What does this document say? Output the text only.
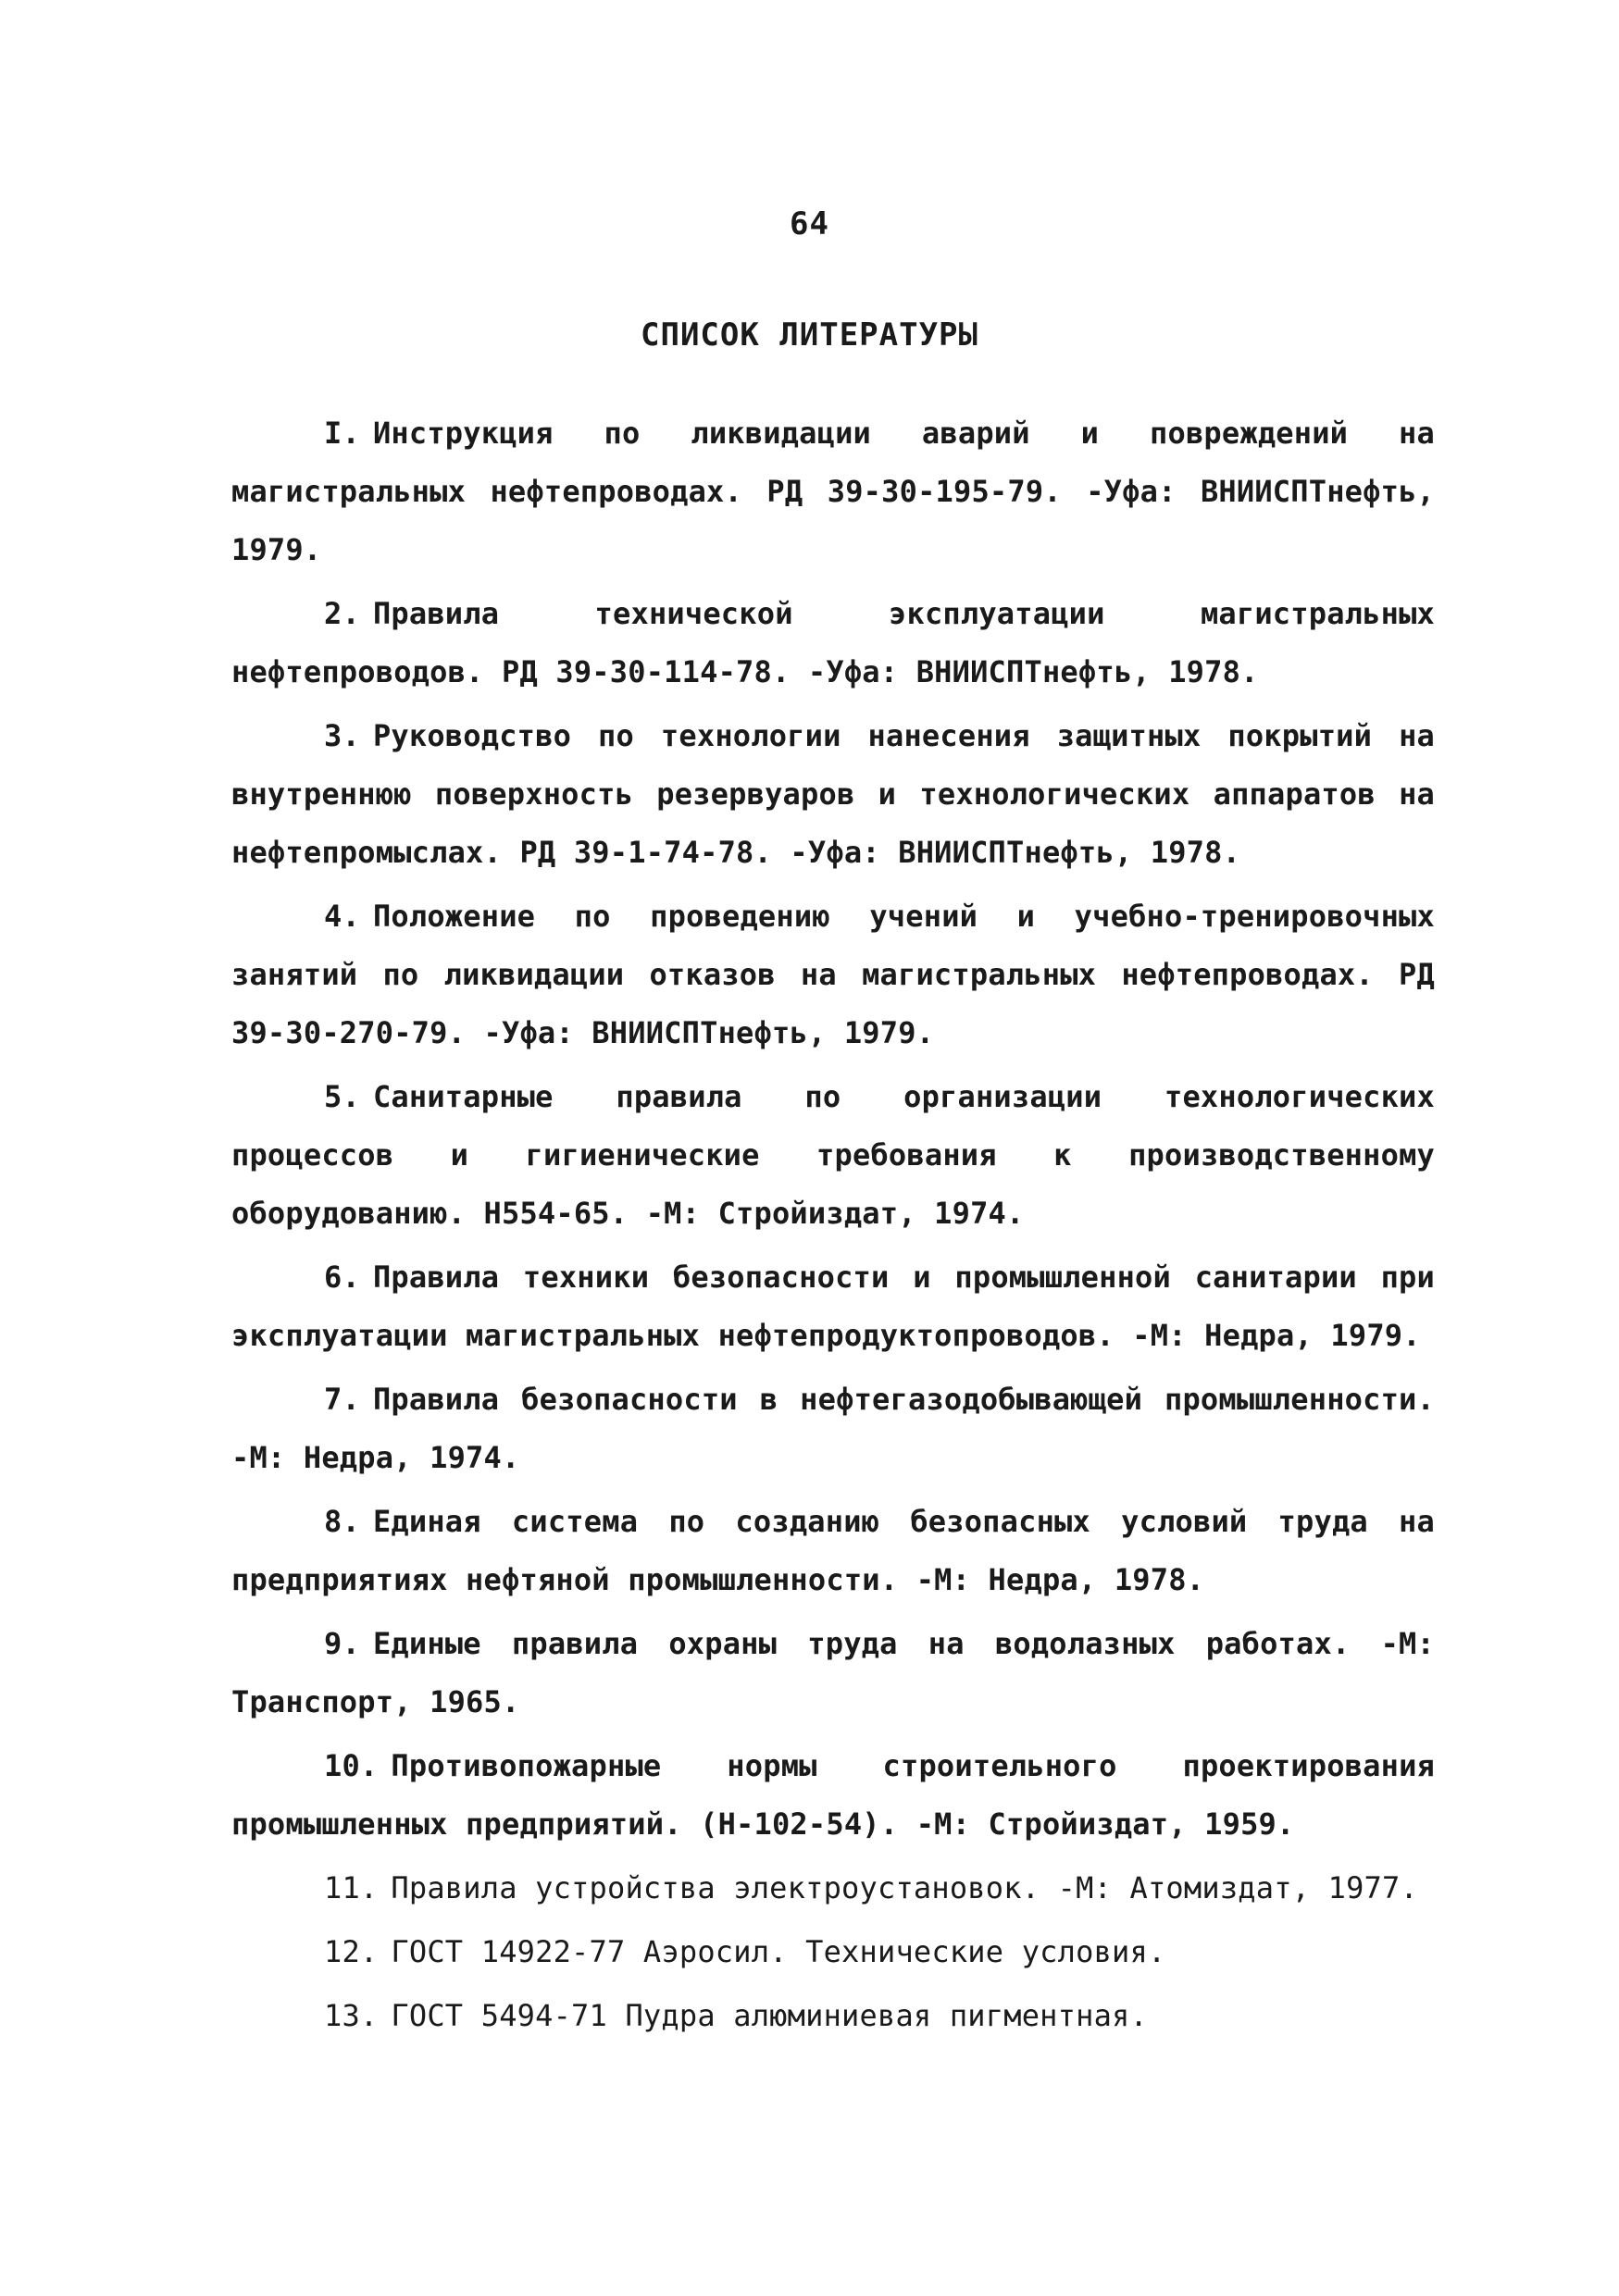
64
СПИСОК ЛИТЕРАТУРЫ
I. Инструкция по ликвидации аварий и повреждений на магистральных нефтепроводах. РД 39-30-195-79. -Уфа: ВНИИСПТнефть, 1979.
2. Правила технической эксплуатации магистральных нефтепроводов. РД 39-30-114-78. -Уфа: ВНИИСПТнефть, 1978.
3. Руководство по технологии нанесения защитных покрытий на внутреннюю поверхность резервуаров и технологических аппаратов на нефтепромыслах. РД 39-1-74-78. -Уфа: ВНИИСПТнефть, 1978.
4. Положение по проведению учений и учебно-тренировочных занятий по ликвидации отказов на магистральных нефтепроводах. РД 39-30-270-79. -Уфа: ВНИИСПТнефть, 1979.
5. Санитарные правила по организации технологических процессов и гигиенические требования к производственному оборудованию. Н554-65. -М: Стройиздат, 1974.
6. Правила техники безопасности и промышленной санитарии при эксплуатации магистральных нефтепродуктопроводов. -М: Недра, 1979.
7. Правила безопасности в нефтегазодобывающей промышленности. -М: Недра, 1974.
8. Единая система по созданию безопасных условий труда на предприятиях нефтяной промышленности. -М: Недра, 1978.
9. Единые правила охраны труда на водолазных работах. -М: Транспорт, 1965.
10. Противопожарные нормы строительного проектирования промышленных предприятий. (Н-102-54). -М: Стройиздат, 1959.
11. Правила устройства электроустановок. -М: Атомиздат, 1977.
12. ГОСТ 14922-77 Аэросил. Технические условия.
13. ГОСТ 5494-71 Пудра алюминиевая пигментная.
